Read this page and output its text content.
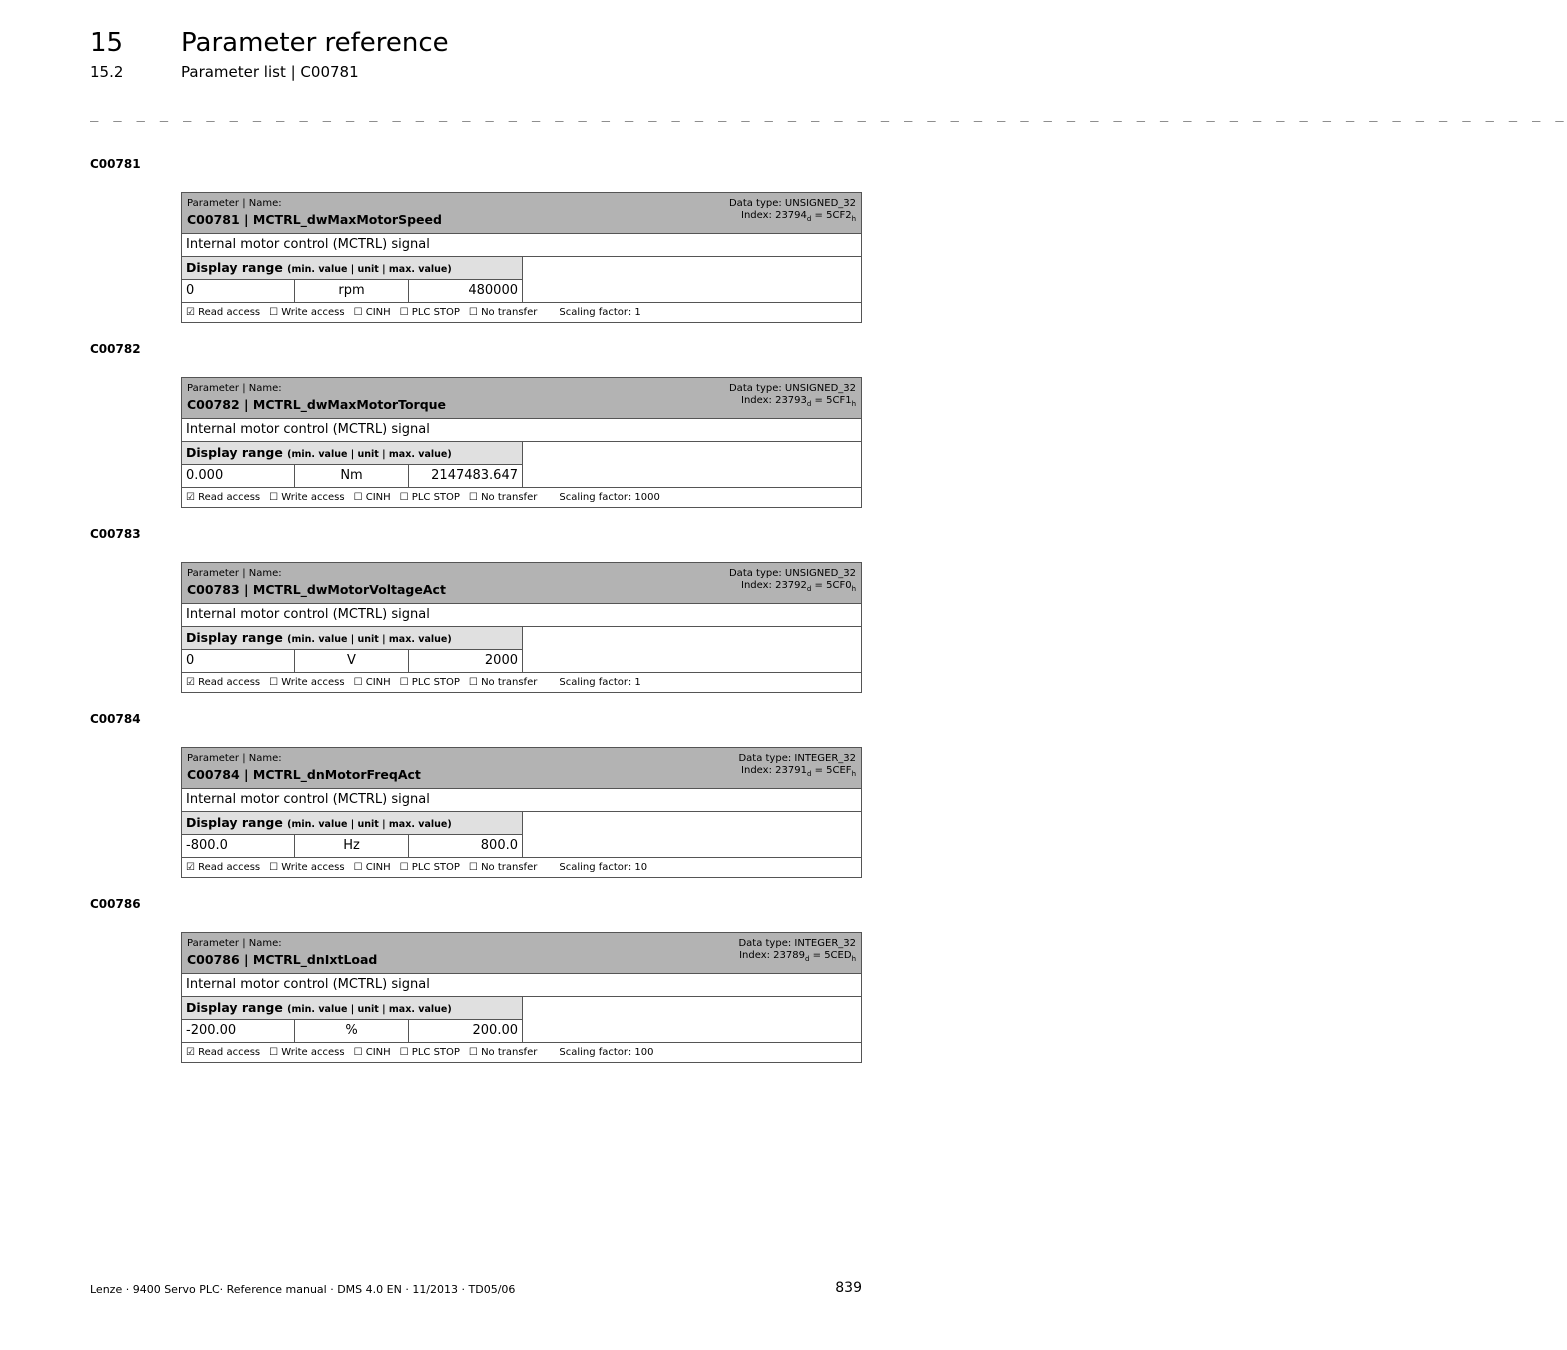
15 Parameter reference
15.2	Parameter list | C00781
_ _ _ _ _ _ _ _ _ _ _ _ _ _ _ _ _ _ _ _ _ _ _ _ _ _ _ _ _ _ _ _ _ _ _ _ _ _ _ _ _ _ _ _ _ _ _ _ _ _ _ _ _ _ _ _ _ _ _ _ _ _ _ _
C00781
Parameter | Name:
C00781 | MCTRL_dwMaxMotorSpeed
Data type: UNSIGNED_32
Index: $23794_d = 5CF2_h$
Internal motor control (MCTRL) signal
Display range (min. value | unit | max. value)
0	rpm	480000
☑ Read access ☐ Write access ☐ CINH ☐ PLC STOP ☐ No transfer Scaling factor: 1
C00782
Parameter | Name:
C00782 | MCTRL_dwMaxMotorTorque
Data type: UNSIGNED_32
Index: $23793_d = 5CF1_h$
Internal motor control (MCTRL) signal
Display range (min. value | unit | max. value)
0.000	Nm	2147483.647
☑ Read access ☐ Write access ☐ CINH ☐ PLC STOP ☐ No transfer Scaling factor: 1000
C00783
Parameter | Name:
C00783 | MCTRL_dwMotorVoltageAct
Data type: UNSIGNED_32
Index: $23792_d = 5CF0_h$
Internal motor control (MCTRL) signal
Display range (min. value | unit | max. value)
0	V	2000
☑ Read access ☐ Write access ☐ CINH ☐ PLC STOP ☐ No transfer Scaling factor: 1
C00784
Parameter | Name:
C00784 | MCTRL_dnMotorFreqAct
Data type: INTEGER_32
Index: $23791_d = 5CEF_h$
Internal motor control (MCTRL) signal
Display range (min. value | unit | max. value)
-800.0	Hz	800.0
☑ Read access ☐ Write access ☐ CINH ☐ PLC STOP ☐ No transfer Scaling factor: 10
C00786
Parameter | Name:
C00786 | MCTRL_dnIxtLoad
Data type: INTEGER_32
Index: $23789_d = 5CED_h$
Internal motor control (MCTRL) signal
Display range (min. value | unit | max. value)
-200.00	%	200.00
☑ Read access ☐ Write access ☐ CINH ☐ PLC STOP ☐ No transfer Scaling factor: 100
Lenze · 9400 Servo PLC· Reference manual · DMS 4.0 EN · 11/2013 · TD05/06	839
